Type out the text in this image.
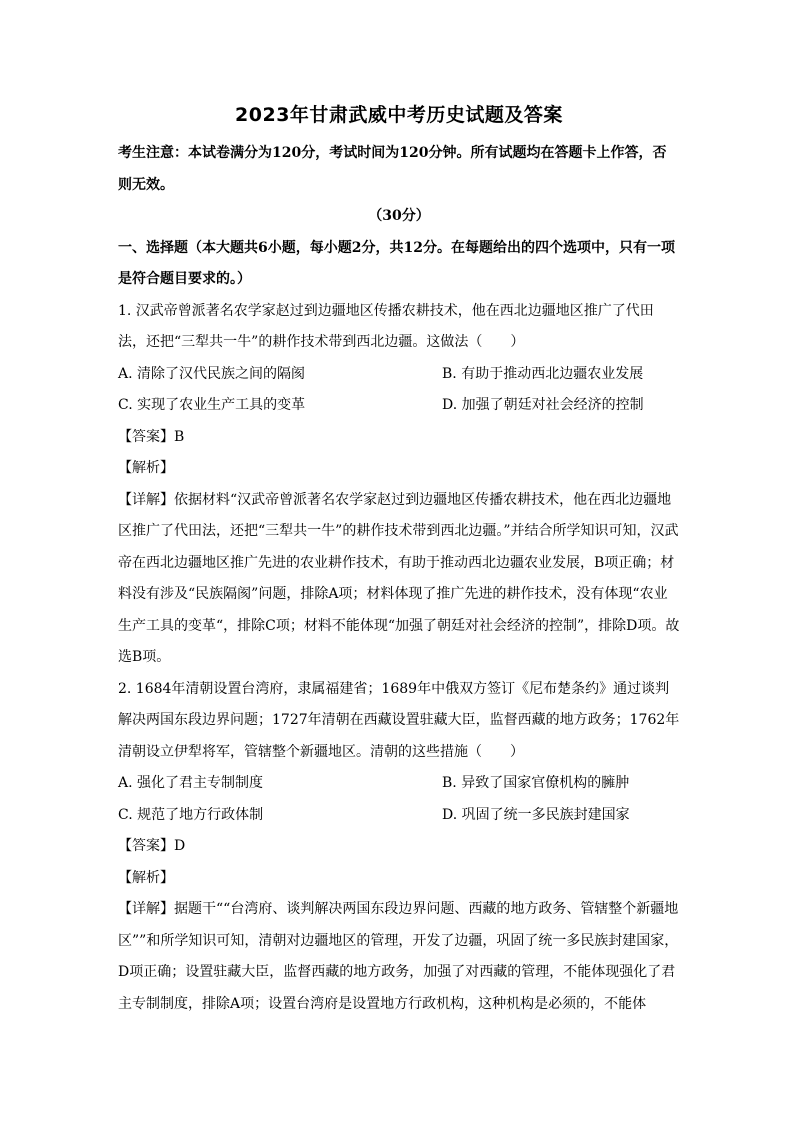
2023年甘肃武威中考历史试题及答案

考生注意：本试卷满分为120分，考试时间为120分钟。所有试题均在答题卡上作答，否则无效。

（30分）

一、选择题（本大题共6小题，每小题2分，共12分。在每题给出的四个选项中，只有一项是符合题目要求的。）

1. 汉武帝曾派著名农学家赵过到边疆地区传播农耕技术，他在西北边疆地区推广了代田法，还把“三犁共一牛”的耕作技术带到西北边疆。这做法（　　）

A. 清除了汉代民族之间的隔阂	B. 有助于推动西北边疆农业发展
C. 实现了农业生产工具的变革	D. 加强了朝廷对社会经济的控制

【答案】B

【解析】

【详解】依据材料“汉武帝曾派著名农学家赵过到边疆地区传播农耕技术，他在西北边疆地区推广了代田法，还把“三犁共一牛”的耕作技术带到西北边疆。”并结合所学知识可知，汉武帝在西北边疆地区推广先进的农业耕作技术，有助于推动西北边疆农业发展，B项正确；材料没有涉及“民族隔阂”问题，排除A项；材料体现了推广先进的耕作技术，没有体现“农业生产工具的变革“，排除C项；材料不能体现“加强了朝廷对社会经济的控制”，排除D项。故选B项。

2. 1684年清朝设置台湾府，隶属福建省；1689年中俄双方签订《尼布楚条约》通过谈判解决两国东段边界问题；1727年清朝在西藏设置驻藏大臣，监督西藏的地方政务；1762年清朝设立伊犁将军，管辖整个新疆地区。清朝的这些措施（　　）

A. 强化了君主专制制度	B. 异致了国家官僚机构的臃肿
C. 规范了地方行政体制	D. 巩固了统一多民族封建国家

【答案】D

【解析】

【详解】据题干““台湾府、谈判解决两国东段边界问题、西藏的地方政务、管辖整个新疆地区””和所学知识可知，清朝对边疆地区的管理，开发了边疆，巩固了统一多民族封建国家，D项正确；设置驻藏大臣，监督西藏的地方政务，加强了对西藏的管理，不能体现强化了君主专制制度，排除A项；设置台湾府是设置地方行政机构，这种机构是必须的，不能体
